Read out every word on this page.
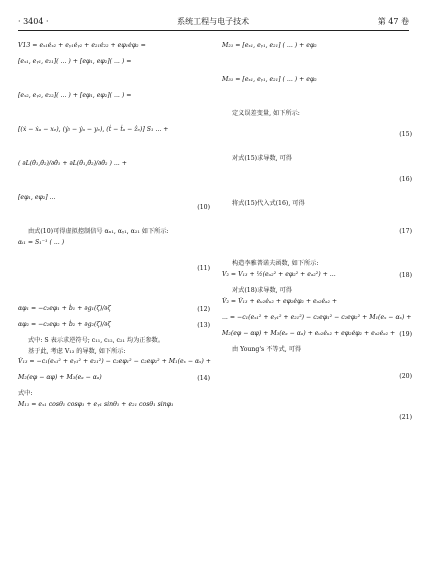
· 3404 ·	系统工程与电子技术	第 47 卷
V13 = eₓ₁ėₓ₂ + eᵧ₁ėᵧ₂ + e₂₁ė₂₂ + eφ₁ėφ₂ =
[eₓ₁, eᵧ₁, e₂₁]( ... ) + [eφ₁, eφ₂]( ... ) =
[eₓ₂, eᵧ₂, e₂₂]( ... ) + [eφ₁, eφ₂]( ... ) =
[(ẋ − ẋₐ − xₑ), (ẏₗ − ẏₐ − yₑ), (ṫ − ṫₐ − ẑₑ)] S₁ ... +
( ∂L(θ̂₁,θ̂₂)/∂θ̂₁ + ∂L(θ̂₁,θ̂₂)/∂θ̂₂ ) ... +
[eφ₁, eφ₂] ...
(10)
由式(10)可得虚拟控制信号 αₓ₁, αᵧ₁, α₂₁ 如下所示:
αᵢ₁ = S₁⁻¹ ( ... )
(11)
αφ₁ = −c₂eφ₁ + ḃ₁ + ∂g₁(ζ)/∂ζ	(12)
αφ₂ = −c₂eφ₂ + ḃ₂ + ∂g₂(ζ)/∂ζ	(13)
式中: S 表示求逆符号; c₁₁, c₁₂, c₂₁ 均为正参数。
基于此, 考虑 V₁₃ 的导数, 如下所示:
V̇₁₃ = −c₁(eₓ₁² + eᵧ₁² + e₂₁²) − c₂eφ₁² − c₂eφ₂² + M₁(eₓ − αₓ) +
M₂(eφ − αφ) + M₃(eₐ − αₐ)	(14)
式中:
M₁₁ = eₓ₁ cosθ₁ cosφ₁ + eᵧ₁ sinθ₁ + e₂₁ cosθ₁ sinφ₁
M₂₁ = [eₓ₁, eᵧ₁, e₂₁] ( ... ) + eφ₂
M₃₁ = [eₓ₁, eᵧ₁, e₂₁] ( ... ) + eφ₂
定义误差变量, 如下所示:
(15)
对式(15)求导数, 可得
(16)
将式(15)代入式(16), 可得
(17)
构造李雅普诺夫函数, 如下所示:
V₂ = V₁₃ + ½(eᵤ₂² + eφ₂² + eₐ₂²) + ...	(18)
对式(18)求导数, 可得
V̇₂ = V̇₁₃ + eᵤ₂ėᵤ₂ + eφ₂ėφ₂ + eₐ₂ėₐ₂ +
... = −c₁(eₓ₁² + eᵧ₁² + e₂₁²) − c₂eφ₁² − c₂eφ₂² + M₁(eₓ − αₓ) +
M₂(eφ − αφ) + M₃(eₐ − αₐ) + eᵤ₂ėᵤ₂ + eφ₂ėφ₂ + eₐ₂ėₐ₂ + (19)
由 Young's 不等式, 可得
(20)
(21)
